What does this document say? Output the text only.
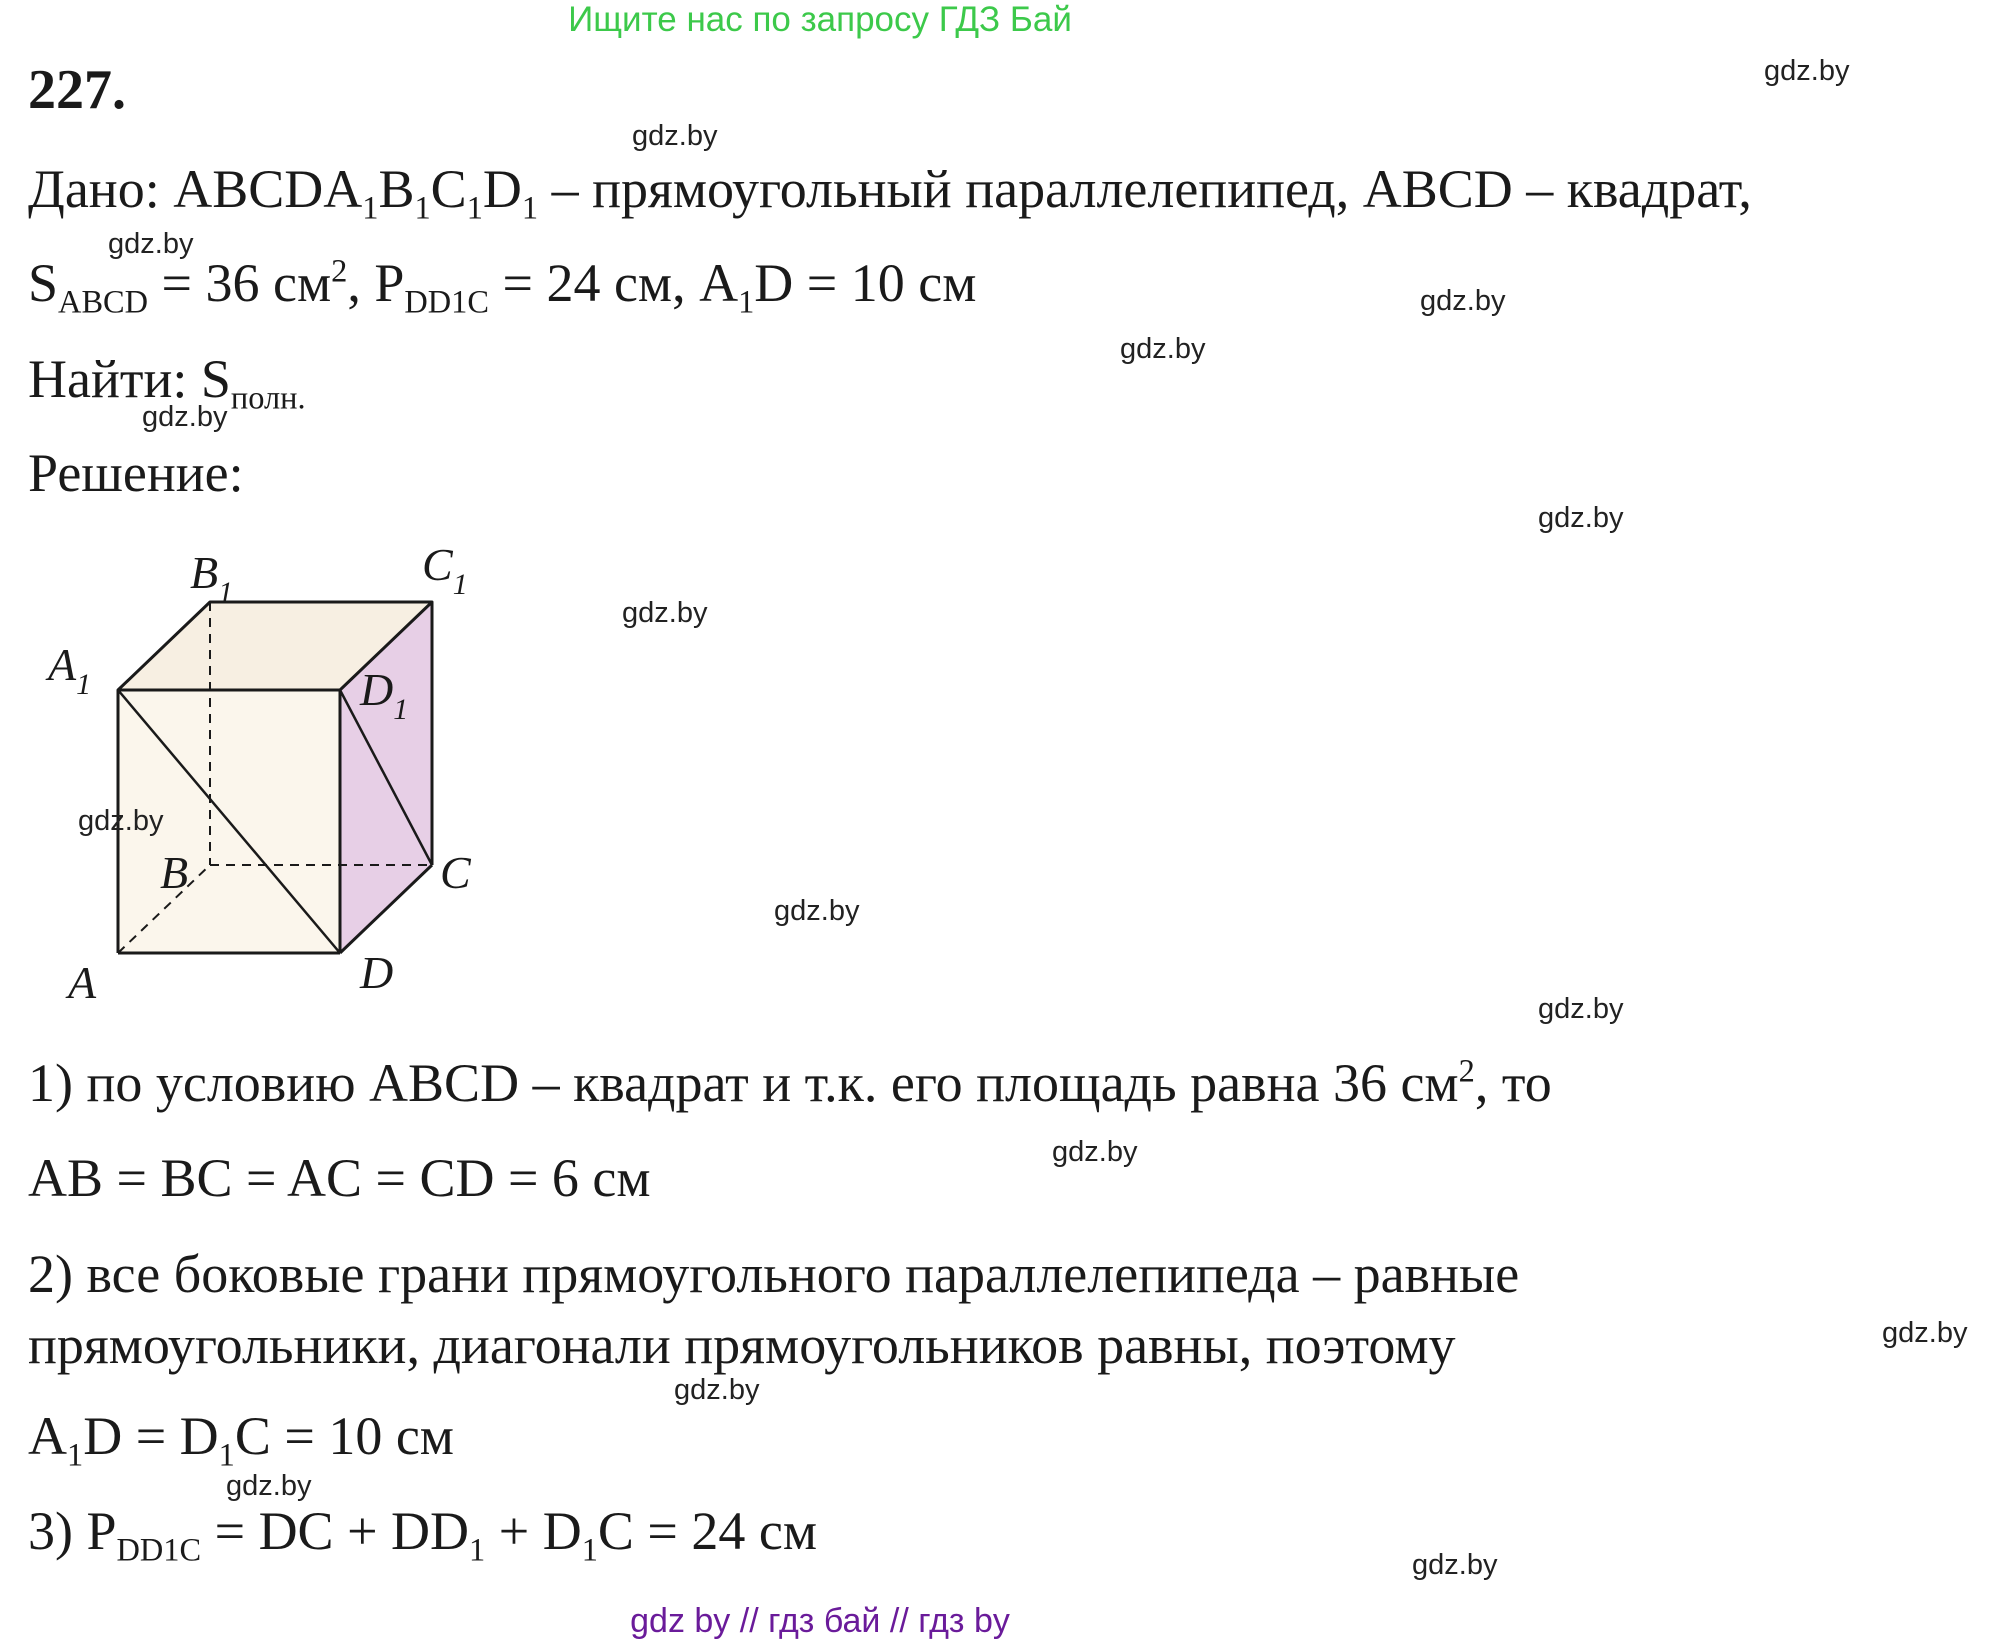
Ищите нас по запросу ГДЗ Бай
227.
Дано: $ABCDA_1B_1C_1D_1$ – прямоугольный параллелепипед, ABCD – квадрат,
$S_{ABCD} = 36$ $см^2$, $P_{DD1C} = 24$ см, $A_1D = 10$ см
Найти: $S_{полн.}$
Решение:
$B_1$
$C_1$
$A_1$	$D_1$
B	C
A	D
1) по условию ABCD – квадрат и т.к. его площадь равна 36 $см^2$, то
AB = BC = AC = CD = 6 см
2) все боковые грани прямоугольного параллелепипеда – равные
прямоугольники, диагонали прямоугольников равны, поэтому
$A_1D = D_1C = 10$ см
3) $P_{DD1C}$ = DC + $DD_1 + D_1C = 24$ см
gdz.by
gdz.by
gdz.by
gdz.by
gdz.by
gdz.by
gdz.by
gdz.by
gdz.by
gdz.by
gdz.by
gdz.by
gdz.by
gdz.by
gdz.by
gdz.by
gdz by // гдз бай // гдз by
